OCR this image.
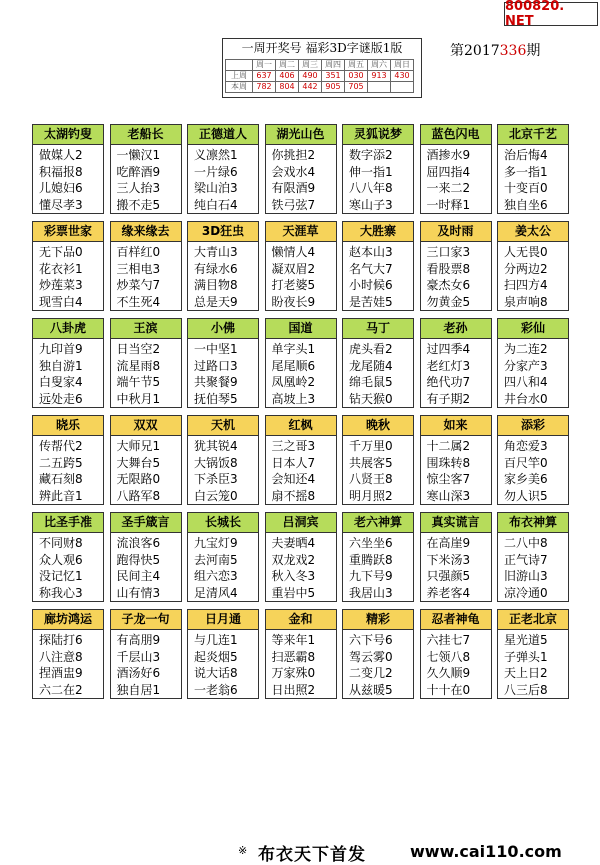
800820. NET
一周开奖号 福彩3D字谜版1版
	周一	周二	周三	周四	周五	周六	周日
上周	637	406	490	351	030	913	430
本周	782	804	442	905	705		
第2017336期
太湖钓叟
做媒人2
积福报8
儿媳妇6
懂尽孝3
老船长
一懒汉1
吃醉酒9
三人抬3
搬不走5
正德道人
义凛然1
一片绿6
梁山泊3
纯白石4
湖光山色
你挑担2
会戏水4
有限酒9
铁弓弦7
灵狐说梦
数字添2
伸一指1
八八年8
寒山子3
蓝色闪电
酒掺水9
屈四指4
一来二2
一时释1
北京千艺
治后悔4
多一指1
十变百0
独自坐6
彩票世家
无下品0
花衣衫1
炒莲菜3
现雪白4
缘来缘去
百样红0
三相电3
炒菜勺7
不生死4
3D狂虫
大青山3
有绿水6
满目物8
总是天9
天涯草
懒情人4
凝双眉2
打老婆5
盼夜长9
大胜寨
赵本山3
名气大7
小时候6
是苦娃5
及时雨
三口家3
看股票8
豪杰女6
勿黄金5
姜太公
人无畏0
分两边2
扫四方4
泉声响8
八卦虎
九印首9
独自游1
白叟家4
远处走6
王滨
日当空2
流星雨8
端午节5
中秋月1
小佛
一中坚1
过路口3
共聚餐9
抚伯琴5
国道
单字头1
尾尾顺6
凤凰岭2
高坡上3
马丁
虎头看2
龙尾随4
绵毛鼠5
钻天猴0
老孙
过四季4
老红灯3
绝代功7
有子期2
彩仙
为二连2
分家产3
四八和4
井台水0
晓乐
传帮代2
二五跨5
藏石刻8
辨此音1
双双
大师兄1
大舞台5
无限路0
八路军8
天机
犹其锐4
大锅饭8
下杀臣3
白云笼0
红枫
三之哥3
日本人7
会知还4
扇不摇8
晚秋
千万里0
共展客5
八贤王8
明月照2
如来
十二属2
围珠转8
惊尘客7
寒山深3
添彩
角恋爱3
百尺竿0
家乡美6
勿人识5
比圣手准
不同财8
众人观6
没记忆1
称我心3
圣手箴言
流浪客6
跑得快5
民间主4
山有情3
长城长
九宝灯9
去河南5
组六恋3
足清风4
吕洞宾
夫妻晒4
双龙戏2
秋入冬3
重岩中5
老六神算
六坐坐6
重腾跃8
九下号9
我居山3
真实谎言
在高崖9
下米汤3
只强颜5
养老客4
布衣神算
二八中8
正气诗7
旧游山3
凉冷通0
廊坊鸿运
探陆打6
八注意8
捏酒盅9
六二在2
子龙一句
有高朋9
千层山3
酒汤好6
独自居1
日月通
与几连1
起炎烟5
说大话8
一老翁6
金和
等来年1
扫恶霸8
万家殊0
日出照2
精彩
六下号6
驾云雾0
二变几2
从兹暖5
忍者神龟
六挂七7
七领八8
久久顺9
十十在0
正老北京
星光道5
子弹头1
天上日2
八三后8
※ 布衣天下首发	www.cai110.com
